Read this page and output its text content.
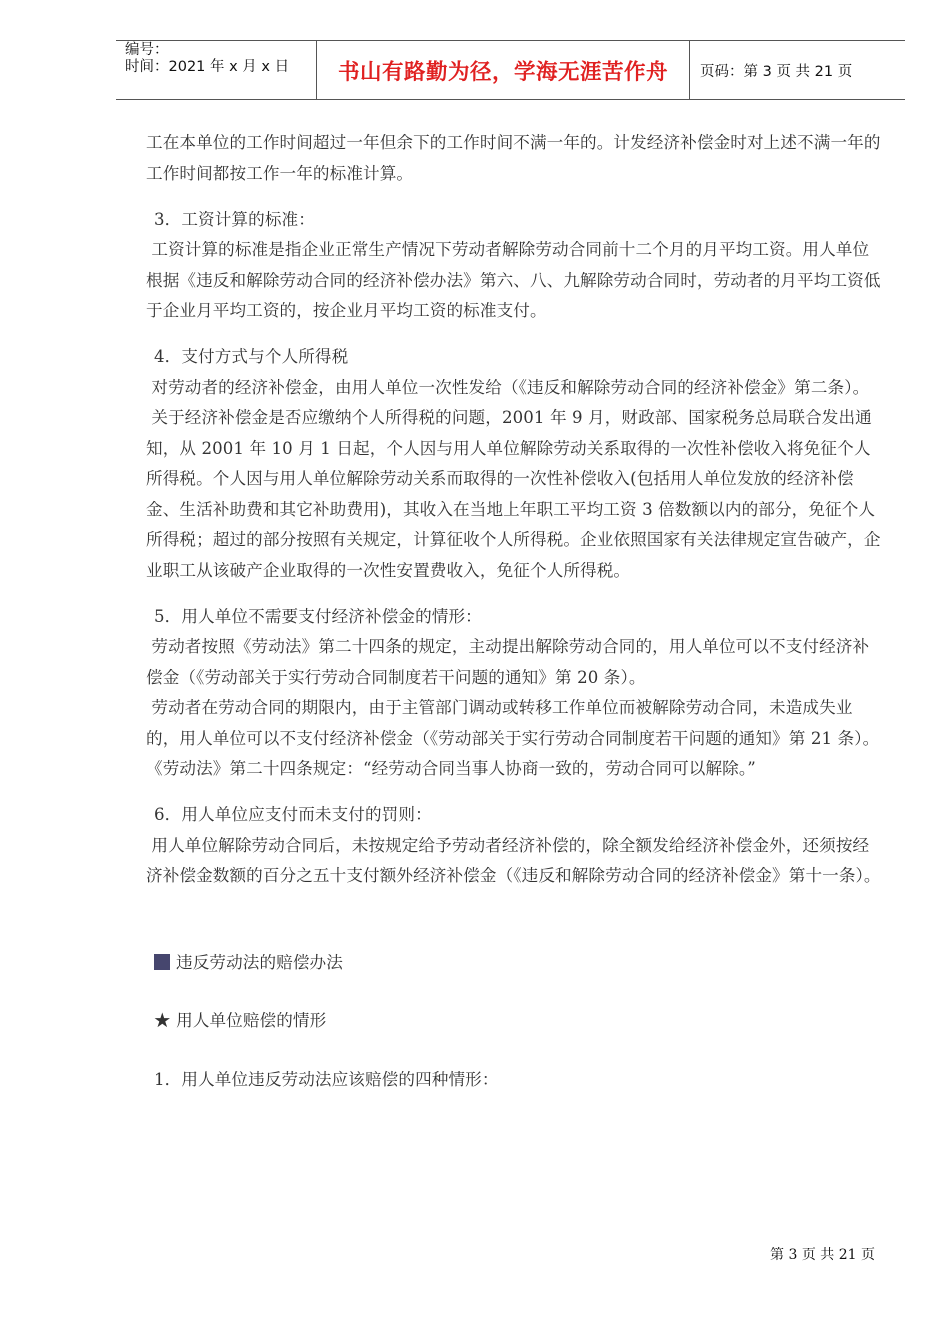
编号：
时间：2021 年 x 月 x 日	书山有路勤为径，学海无涯苦作舟	页码：第 3 页 共 21 页

工在本单位的工作时间超过一年但余下的工作时间不满一年的。计发经济补偿金时对上述不满一年的工作时间都按工作一年的标准计算。

3．工资计算的标准：

工资计算的标准是指企业正常生产情况下劳动者解除劳动合同前十二个月的月平均工资。用人单位根据《违反和解除劳动合同的经济补偿办法》第六、八、九解除劳动合同时，劳动者的月平均工资低于企业月平均工资的，按企业月平均工资的标准支付。

4．支付方式与个人所得税

对劳动者的经济补偿金，由用人单位一次性发给（《违反和解除劳动合同的经济补偿金》第二条）。

关于经济补偿金是否应缴纳个人所得税的问题，2001 年 9 月，财政部、国家税务总局联合发出通知，从 2001 年 10 月 1 日起，个人因与用人单位解除劳动关系取得的一次性补偿收入将免征个人所得税。个人因与用人单位解除劳动关系而取得的一次性补偿收入(包括用人单位发放的经济补偿金、生活补助费和其它补助费用)，其收入在当地上年职工平均工资 3 倍数额以内的部分，免征个人所得税；超过的部分按照有关规定，计算征收个人所得税。企业依照国家有关法律规定宣告破产，企业职工从该破产企业取得的一次性安置费收入，免征个人所得税。

5．用人单位不需要支付经济补偿金的情形：

劳动者按照《劳动法》第二十四条的规定，主动提出解除劳动合同的，用人单位可以不支付经济补偿金（《劳动部关于实行劳动合同制度若干问题的通知》第 20 条）。

劳动者在劳动合同的期限内，由于主管部门调动或转移工作单位而被解除劳动合同，未造成失业的，用人单位可以不支付经济补偿金（《劳动部关于实行劳动合同制度若干问题的通知》第 21 条）。

《劳动法》第二十四条规定：“经劳动合同当事人协商一致的，劳动合同可以解除。”

6．用人单位应支付而未支付的罚则：

用人单位解除劳动合同后，未按规定给予劳动者经济补偿的，除全额发给经济补偿金外，还须按经济补偿金数额的百分之五十支付额外经济补偿金（《违反和解除劳动合同的经济补偿金》第十一条）。

违反劳动法的赔偿办法

★ 用人单位赔偿的情形

1．用人单位违反劳动法应该赔偿的四种情形：

第 3 页 共 21 页
